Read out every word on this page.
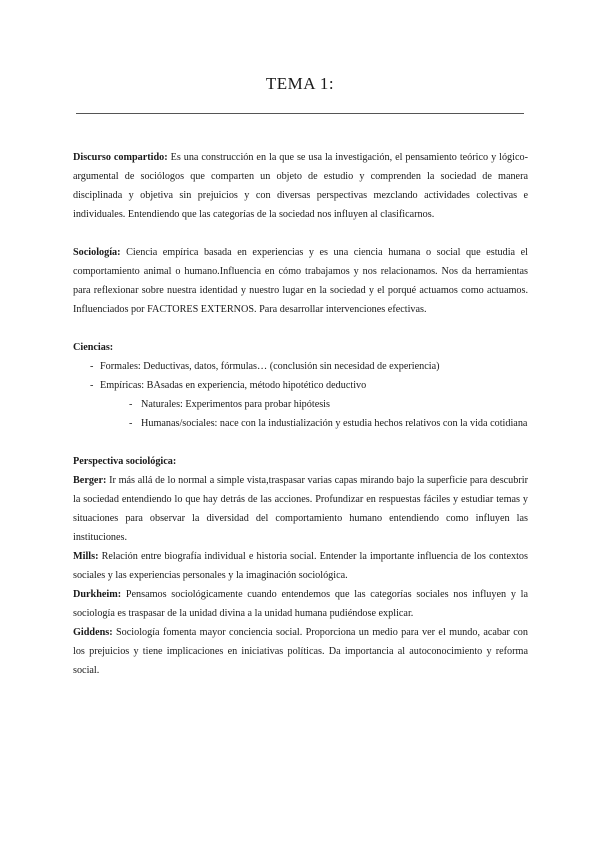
TEMA 1:

Discurso compartido: Es una construcción en la que se usa la investigación, el pensamiento teórico y lógico-argumental de sociólogos que comparten un objeto de estudio y comprenden la sociedad de manera disciplinada y objetiva sin prejuicios y con diversas perspectivas mezclando actividades colectivas e individuales. Entendiendo que las categorías de la sociedad nos influyen al clasificarnos.

Sociología: Ciencia empírica basada en experiencias y es una ciencia humana o social que estudia el comportamiento animal o humano.Influencia en cómo trabajamos y nos relacionamos. Nos da herramientas para reflexionar sobre nuestra identidad y nuestro lugar en la sociedad y el porqué actuamos como actuamos. Influenciados por FACTORES EXTERNOS. Para desarrollar intervenciones efectivas.

Ciencias:

- Formales: Deductivas, datos, fórmulas… (conclusión sin necesidad de experiencia)
- Empíricas: BAsadas en experiencia, método hipotético deductivo
- Naturales: Experimentos para probar hipótesis
- Humanas/sociales: nace con la industialización y estudia hechos relativos con la vida cotidiana

Perspectiva sociológica:

Berger: Ir más allá de lo normal a simple vista,traspasar varias capas mirando bajo la superficie para descubrir la sociedad entendiendo lo que hay detrás de las acciones. Profundizar en respuestas fáciles y estudiar temas y situaciones para observar la diversidad del comportamiento humano entendiendo como influyen las instituciones.

Mills: Relación entre biografía individual e historia social. Entender la importante influencia de los contextos sociales y las experiencias personales y la imaginación sociológica.

Durkheim: Pensamos sociológicamente cuando entendemos que las categorías sociales nos influyen y la sociología es traspasar de la unidad divina a la unidad humana pudiéndose explicar.

Giddens: Sociología fomenta mayor conciencia social. Proporciona un medio para ver el mundo, acabar con los prejuicios y tiene implicaciones en iniciativas políticas. Da importancia al autoconocimiento y reforma social.
